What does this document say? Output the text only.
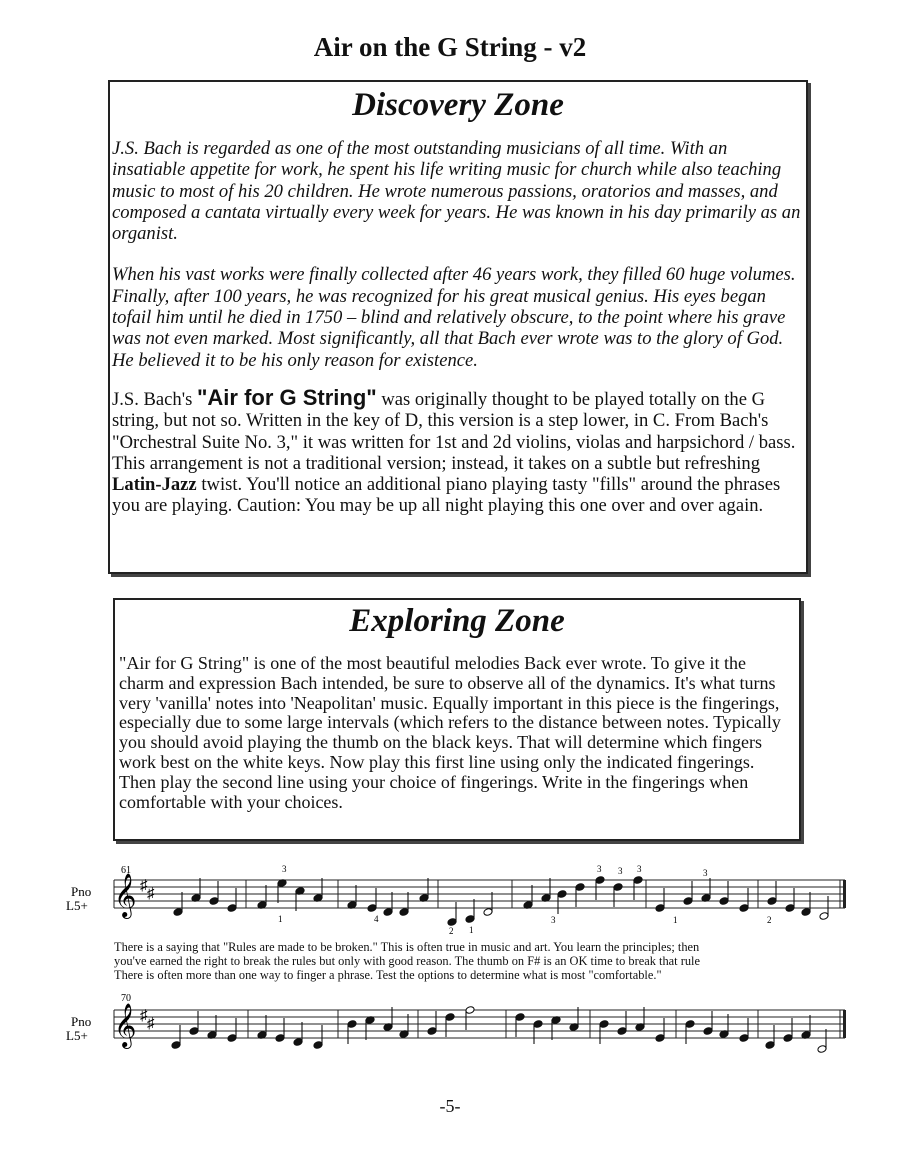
Air on the G String - v2
Discovery Zone

J.S. Bach is regarded as one of the most outstanding musicians of all time. With an insatiable appetite for work, he spent his life writing music for church while also teaching music to most of his 20 children. He wrote numerous passions, oratorios and masses, and composed a cantata virtually every week for years. He was known in his day primarily as an organist.

When his vast works were finally collected after 46 years work, they filled 60 huge volumes. Finally, after 100 years, he was recognized for his great musical genius. His eyes began tofail him until he died in 1750 – blind and relatively obscure, to the point where his grave was not even marked. Most significantly, all that Bach ever wrote was to the glory of God. He believed it to be his only reason for existence.

J.S. Bach's "Air for G String" was originally thought to be played totally on the G string, but not so. Written in the key of D, this version is a step lower, in C. From Bach's "Orchestral Suite No. 3," it was written for 1st and 2d violins, violas and harpsichord / bass. This arrangement is not a traditional version; instead, it takes on a subtle but refreshing Latin-Jazz twist. You'll notice an additional piano playing tasty "fills" around the phrases you are playing. Caution: You may be up all night playing this one over and over again.

Exploring Zone

"Air for G String" is one of the most beautiful melodies Back ever wrote. To give it the charm and expression Bach intended, be sure to observe all of the dynamics. It's what turns very 'vanilla' notes into 'Neapolitan' music. Equally important in this piece is the fingerings, especially due to some large intervals (which refers to the distance between notes. Typically you should avoid playing the thumb on the black keys. That will determine which fingers work best on the white keys. Now play this first line using only the indicated fingerings. Then play the second line using your choice of fingerings. Write in the fingerings when comfortable with your choices.

Pno
L5+
61
𝄞 ♯ ♯
3	3 3 3	3
1	4
2 1
3	1	2
There is a saying that "Rules are made to be broken." This is often true in music and art. You learn the principles; then
you've earned the right to break the rules but only with good reason. The thumb on F# is an OK time to break that rule
There is often more than one way to finger a phrase. Test the options to determine what is most "comfortable."
Pno
L5+
70
𝄞 ♯ ♯

-5-
